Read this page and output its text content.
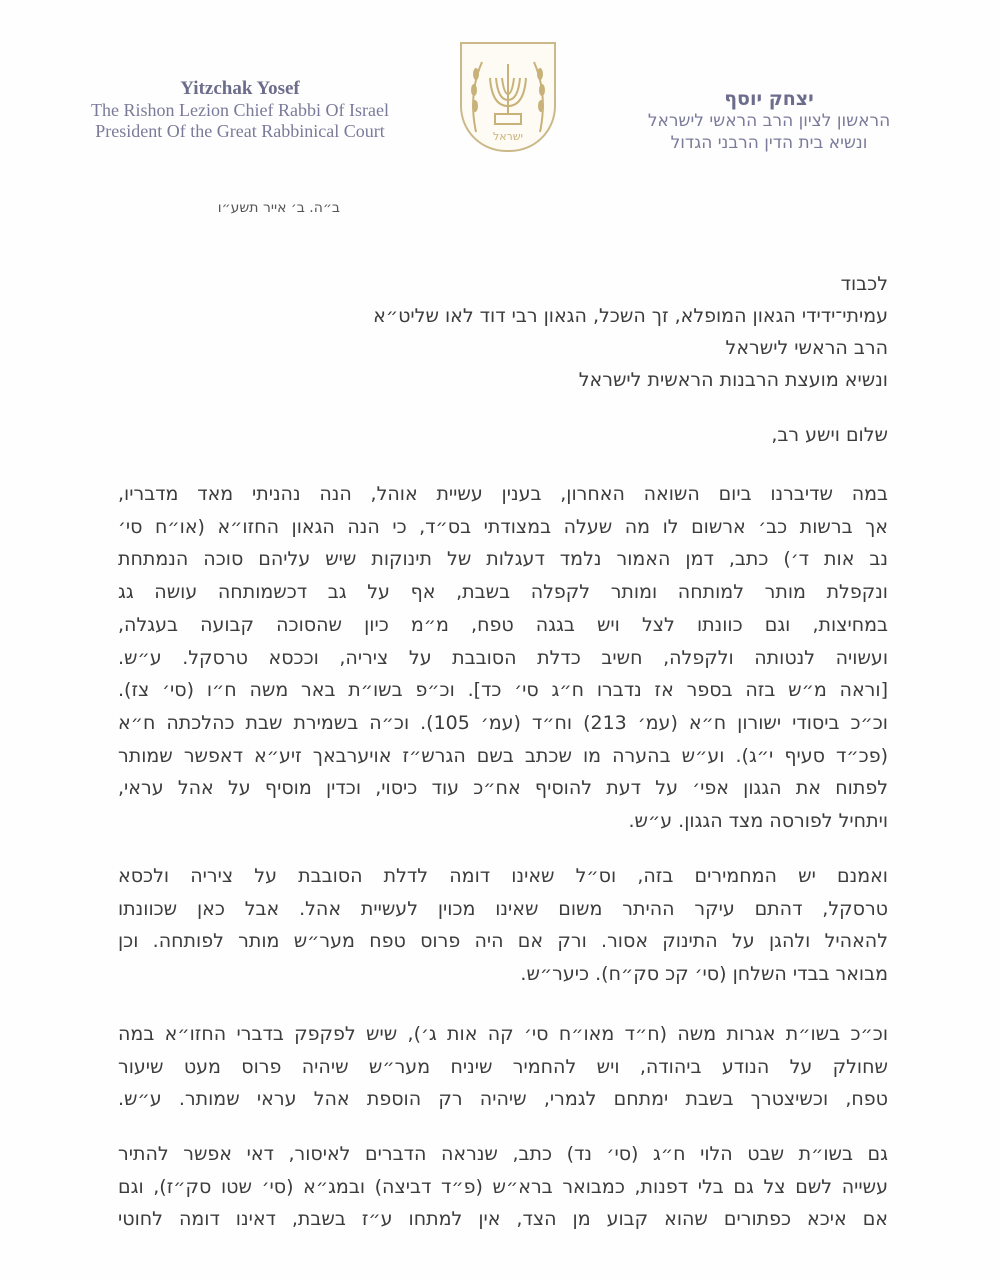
Yitzchak Yosef
The Rishon Lezion Chief Rabbi Of Israel
President Of the Great Rabbinical Court	ישראל
יצחק יוסף
הראשון לציון הרב הראשי לישראל
ונשיא בית הדין הרבני הגדול
ב״ה. ב׳ אייר תשע״ו
לכבוד
עמיתי־ידידי הגאון המופלא, זך השכל, הגאון רבי דוד לאו שליט״א
הרב הראשי לישראל
ונשיא מועצת הרבנות הראשית לישראל
שלום וישע רב,
במה שדיברנו ביום השואה האחרון, בענין עשיית אוהל, הנה נהניתי מאד מדבריו,
אך ברשות כב׳ ארשום לו מה שעלה במצודתי בס״ד, כי הנה הגאון החזו״א (או״ח סי׳
נב אות ד׳) כתב, דמן האמור נלמד דעגלות של תינוקות שיש עליהם סוכה הנמתחת
ונקפלת מותר למותחה ומותר לקפלה בשבת, אף על גב דכשמותחה עושה גג
במחיצות, וגם כוונתו לצל ויש בגגה טפח, מ״מ כיון שהסוכה קבועה בעגלה,
ועשויה לנטותה ולקפלה, חשיב כדלת הסובבת על ציריה, וככסא טרסקל. ע״ש.
[וראה מ״ש בזה בספר אז נדברו ח״ג סי׳ כד]. וכ״פ בשו״ת באר משה ח״ו (סי׳ צז).
וכ״כ ביסודי ישורון ח״א (עמ׳ 213) וח״ד (עמ׳ 105). וכ״ה בשמירת שבת כהלכתה ח״א
(פכ״ד סעיף י״ג). וע״ש בהערה מו שכתב בשם הגרש״ז אויערבאך זיע״א דאפשר שמותר
לפתוח את הגגון אפי׳ על דעת להוסיף אח״כ עוד כיסוי, וכדין מוסיף על אהל עראי,
ויתחיל לפורסה מצד הגגון. ע״ש.
ואמנם יש המחמירים בזה, וס״ל שאינו דומה לדלת הסובבת על ציריה ולכסא
טרסקל, דהתם עיקר ההיתר משום שאינו מכוין לעשיית אהל. אבל כאן שכוונתו
להאהיל ולהגן על התינוק אסור. ורק אם היה פרוס טפח מער״ש מותר לפותחה. וכן
מבואר בבדי השלחן (סי׳ קכ סק״ח). כיער״ש.
וכ״כ בשו״ת אגרות משה (ח״ד מאו״ח סי׳ קה אות ג׳), שיש לפקפק בדברי החזו״א במה
שחולק על הנודע ביהודה, ויש להחמיר שיניח מער״ש שיהיה פרוס מעט שיעור
טפח, וכשיצטרך בשבת ימתחם לגמרי, שיהיה רק הוספת אהל עראי שמותר. ע״ש.
גם בשו״ת שבט הלוי ח״ג (סי׳ נד) כתב, שנראה הדברים לאיסור, דאי אפשר להתיר
עשייה לשם צל גם בלי דפנות, כמבואר ברא״ש (פ״ד דביצה) ובמג״א (סי׳ שטו סק״ז), וגם
אם איכא כפתורים שהוא קבוע מן הצד, אין למתחו ע״ז בשבת, דאינו דומה לחוטי
